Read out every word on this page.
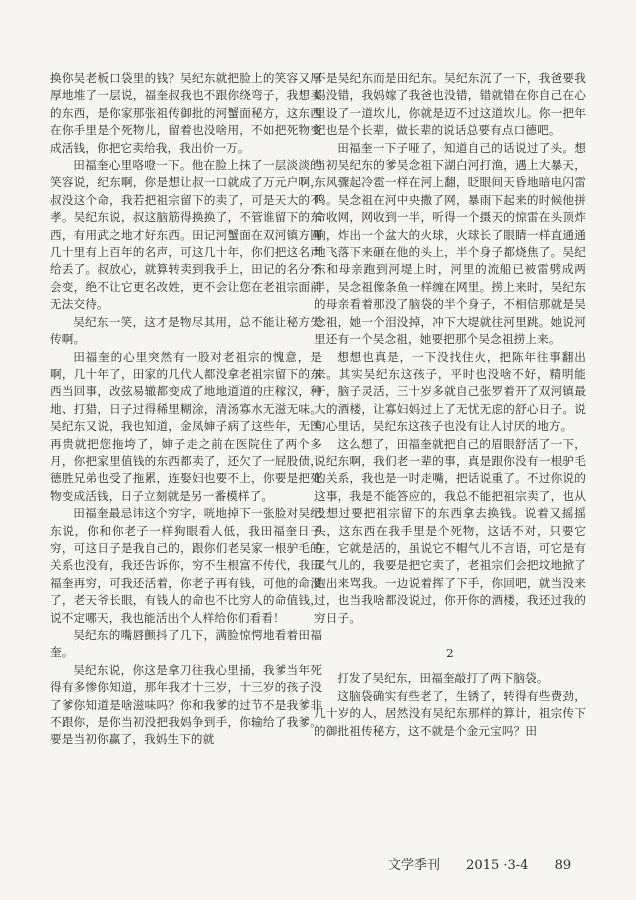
换你吴老板口袋里的钱？吴纪东就把脸上的笑容又厚厚地堆了一层说，福奎叔我也不跟你绕弯子，我想买的东西，是你家那张祖传御批的河蟹面秘方，这东西在你手里是个死物儿，留着也没啥用，不如把死物变成活钱，你把它卖给我，我出价一万。

田福奎心里咯噔一下。他在脸上抹了一层淡淡的笑容说，纪东啊，你是想让叔一口就成了万元户啊，叔没这个命，我若把祖宗留下的卖了，可是天大的不孝。吴纪东说，叔这脑筋得换换了，不管谁留下的东西，有用武之地才好东西。田记河蟹面在双河镇方圆几十里有上百年的名声，可这几十年，你们把这名声给丢了。叔放心，就算转卖到我手上，田记的名分不会变，绝不让它更名改姓，更不会让您在老祖宗面前无法交待。

吴纪东一笑，这才是物尽其用，总不能让秘方失传啊。

田福奎的心里突然有一股对老祖宗的愧意，是啊，几十年了，田家的几代人都没拿老祖宗留下的东西当回事，改弦易辙都变成了地地道道的庄稼汉，种地、打猎，日子过得稀里糊涂，清汤寡水无滋无味。吴纪东又说，我也知道，金凤婶子病了这些年，无医再贵就把您拖垮了，婶子走之前在医院住了两个多月，你把家里值钱的东西都卖了，还欠了一屁股债，德胜兄弟也受了拖累，连娶妇也要不上，你要是把死物变成活钱，日子立刻就是另一番模样了。

田福奎最忌讳这个穷字，咣地掉下一张脸对吴纪东说，你和你老子一样狗眼看人低，我田福奎日子穷，可这日子是我自己的，跟你们老吴家一根驴毛的关系也没有，我还告诉你，穷不生根富不传代，我田福奎再穷，可我还活着，你老子再有钱，可他的命没了，老天爷长眼，有钱人的命也不比穷人的命值钱，说不定哪天，我也能活出个人样给你们看看！

吴纪东的嘴唇颤抖了几下，满脸惊愕地看着田福奎。

吴纪东说，你这是拿刀往我心里捅，我爹当年死得有多惨你知道，那年我才十三岁，十三岁的孩子没了爹你知道是啥滋味吗？你和我爹的过节不是我爹非不跟你，是你当初没把我妈争到手，你输给了我爹。要是当初你赢了，我妈生下的就

不是吴纪东而是田纪东。吴纪东沉了一下，我爸要我妈没错，我妈嫁了我爸也没错，错就错在你自己在心里设了一道坎儿，你就是迈不过这道坎儿。你一把年纪也是个长辈，做长辈的说话总要有点口德吧。

田福奎一下子哑了，知道自己的话说过了头。想当初吴纪东的爹吴念祖下湖白河打渔，遇上大暴天，东风骤起冷雹一样在河上翻，眨眼间天昏地暗电闪雷鸣。吴念祖在河中央撒了网，暴雨下起来的时候他拼命收网，网收到一半，听得一个摄天的惊雷在头顶炸响，炸出一个盆大的火球，火球长了眼睛一样直通通地飞落下来砸在他的头上，半个身子都烧焦了。吴纪东和母亲跑到河堤上时，河里的流船已被雷劈成两半，吴念祖像条鱼一样缠在网里。捞上来时，吴纪东的母亲看着那没了脑袋的半个身子，不相信那就是吴念祖，她一个泪没掉，冲下大堤就往河里跳。她说河里还有一个吴念祖，她要把那个吴念祖捞上来。

想想也真是，一下没找住火，把陈年往事翻出来。其实吴纪东这孩子，平时也没啥不好，精明能干，脑子灵活，三十岁多就自己张罗着开了双河镇最大的酒楼，让寡妇妈过上了无忧无虑的舒心日子。说句心里话，吴纪东这孩子也没有让人讨厌的地方。

这么想了，田福奎就把自己的眉眼舒活了一下，说纪东啊，我们老一辈的事，真是跟你没有一根驴毛的关系，我也是一时走嘴，把话说重了。不过你说的这事，我是不能答应的，我总不能把祖宗卖了，也从没想过要把祖宗留下的东西拿去换钱。说着又摇摇头，这东西在我手里是个死物，这话不对，只要它在，它就是活的，虽说它不帽气儿不言语，可它是有灵气儿的，我要是把它卖了，老祖宗们会把坟地掀了跑出来骂我。一边说着挥了下手，你回吧，就当没来过，也当我啥都没说过，你开你的酒楼，我还过我的穷日子。

2

打发了吴纪东，田福奎敲打了两下脑袋。

这脑袋确实有些老了，生锈了，转得有些费劲，几十岁的人，居然没有吴纪东那样的算计，祖宗传下的御批祖传秘方，这不就是个金元宝吗？田

文学季刊 2015 ·3-4 89
